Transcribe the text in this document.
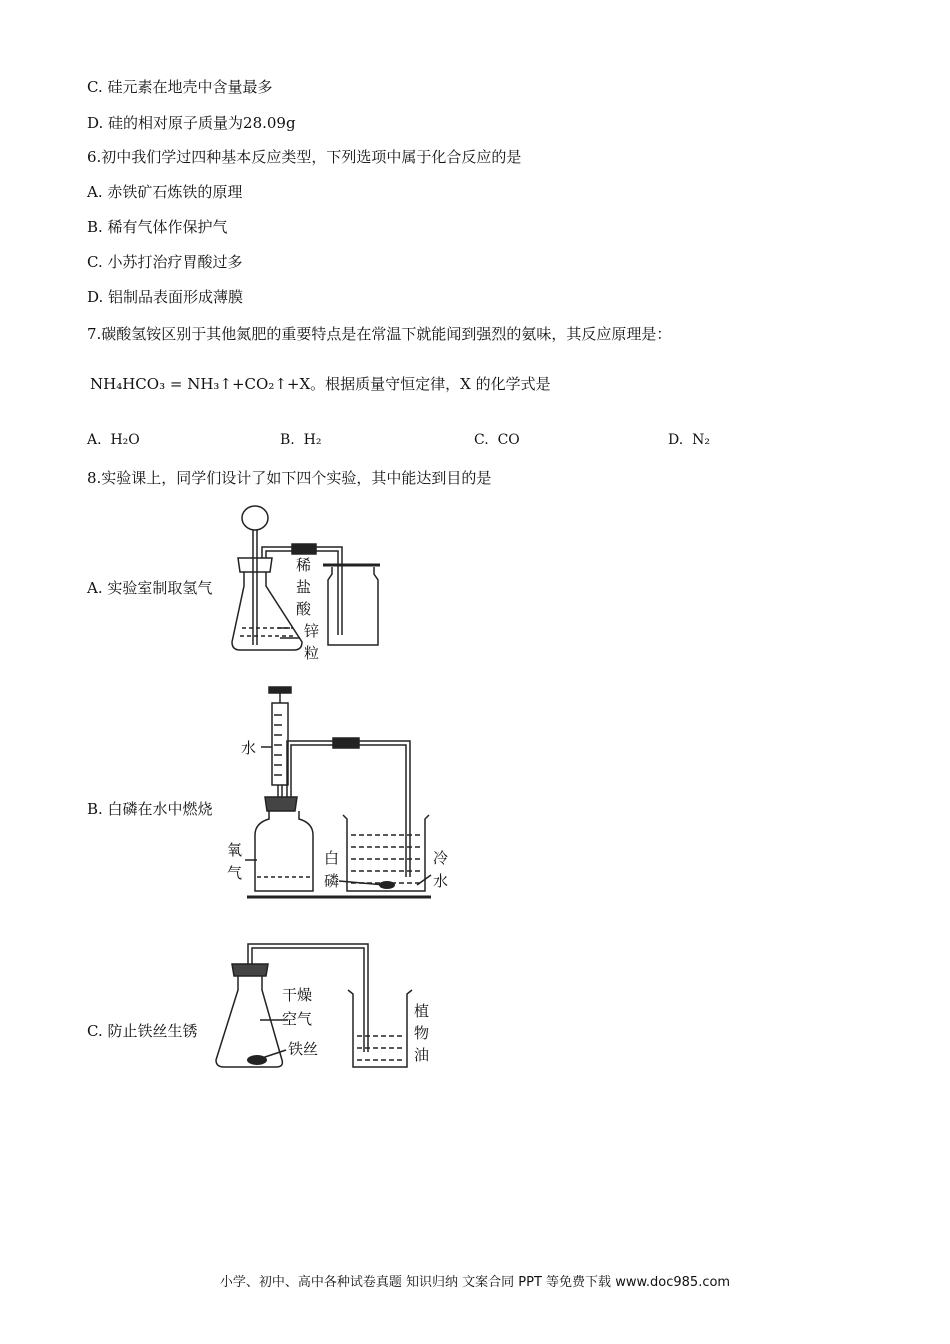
C. 硅元素在地壳中含量最多
D. 硅的相对原子质量为28.09g
6.初中我们学过四种基本反应类型，下列选项中属于化合反应的是
A. 赤铁矿石炼铁的原理
B. 稀有气体作保护气
C. 小苏打治疗胃酸过多
D. 铝制品表面形成薄膜
7.碳酸氢铵区别于其他氮肥的重要特点是在常温下就能闻到强烈的氨味，其反应原理是：
NH₄HCO₃ = NH₃↑+CO₂↑+X。根据质量守恒定律，X 的化学式是
A. H₂O	B. H₂	C. CO	D. N₂
8.实验课上，同学们设计了如下四个实验，其中能达到目的是
A. 实验室制取氢气
稀
盐
酸
锌
粒
B. 白磷在水中燃烧
水
氧
气
白
磷
冷
水
C. 防止铁丝生锈
干燥
空气
铁丝
植
物
油
小学、初中、高中各种试卷真题 知识归纳 文案合同 PPT 等免费下载 www.doc985.com
